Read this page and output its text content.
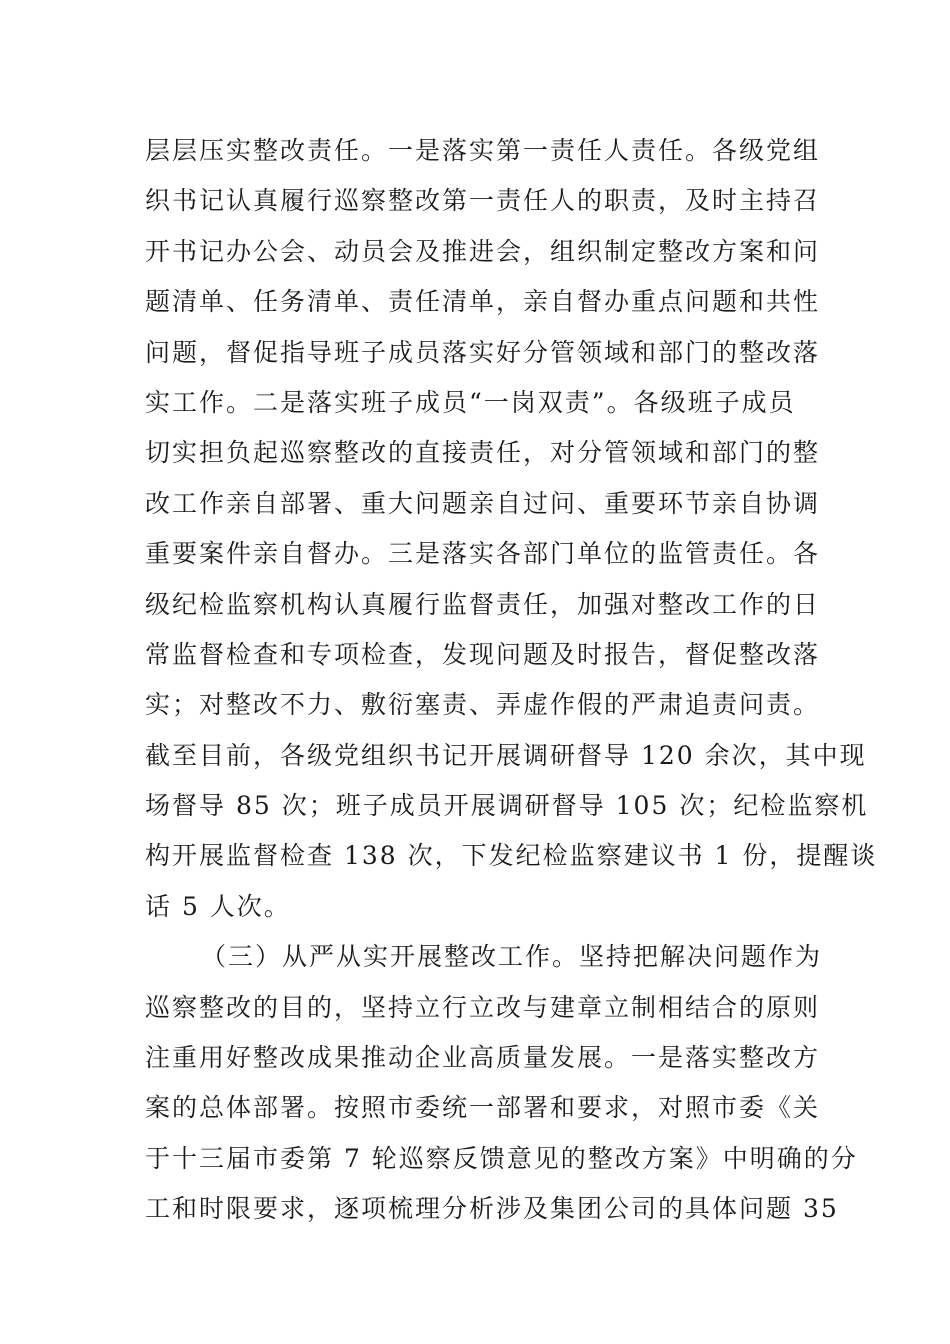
层层压实整改责任。一是落实第一责任人责任。各级党组
织书记认真履行巡察整改第一责任人的职责，及时主持召
开书记办公会、动员会及推进会，组织制定整改方案和问
题清单、任务清单、责任清单，亲自督办重点问题和共性
问题，督促指导班子成员落实好分管领域和部门的整改落
实工作。二是落实班子成员“一岗双责”。各级班子成员
切实担负起巡察整改的直接责任，对分管领域和部门的整
改工作亲自部署、重大问题亲自过问、重要环节亲自协调
重要案件亲自督办。三是落实各部门单位的监管责任。各
级纪检监察机构认真履行监督责任，加强对整改工作的日
常监督检查和专项检查，发现问题及时报告，督促整改落
实；对整改不力、敷衍塞责、弄虚作假的严肃追责问责。
截至目前，各级党组织书记开展调研督导 120 余次，其中现
场督导 85 次；班子成员开展调研督导 105 次；纪检监察机
构开展监督检查 138 次，下发纪检监察建议书 1 份，提醒谈
话 5 人次。
（三）从严从实开展整改工作。坚持把解决问题作为
巡察整改的目的，坚持立行立改与建章立制相结合的原则
注重用好整改成果推动企业高质量发展。一是落实整改方
案的总体部署。按照市委统一部署和要求，对照市委《关
于十三届市委第 7 轮巡察反馈意见的整改方案》中明确的分
工和时限要求，逐项梳理分析涉及集团公司的具体问题 35
